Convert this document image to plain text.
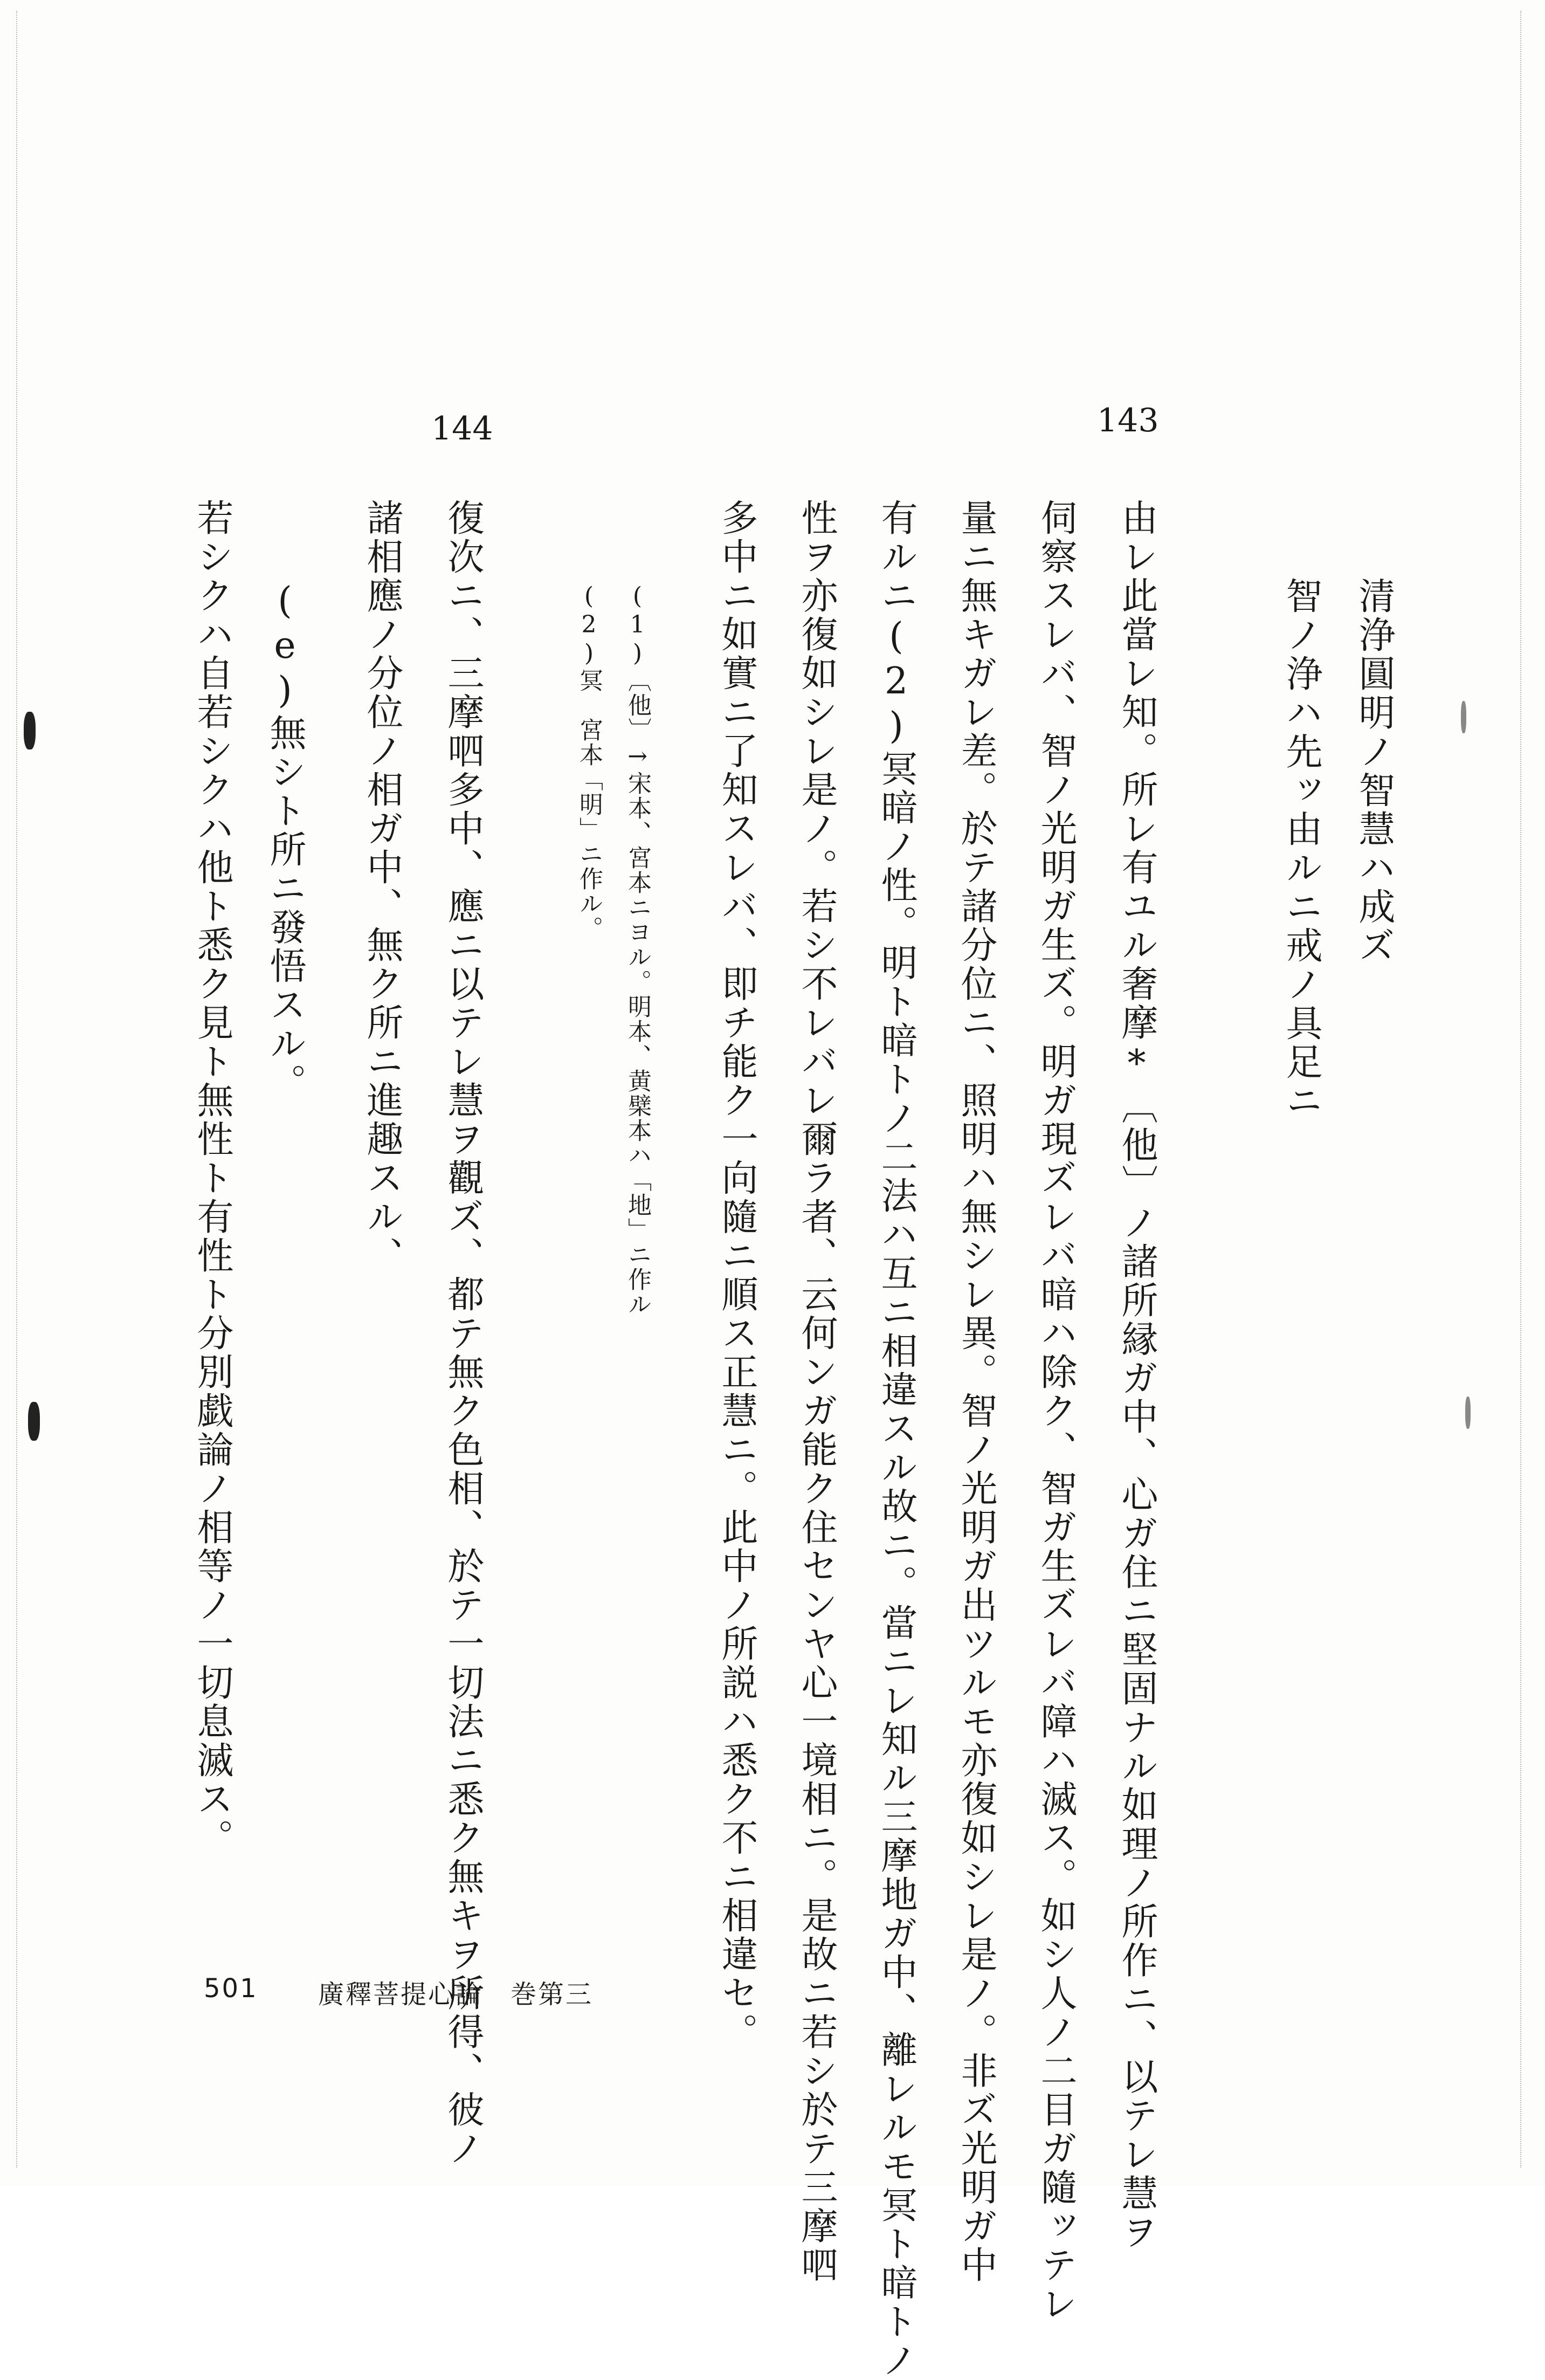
143
144
清浄圓明ノ智慧ハ成ズ
智ノ浄ハ先ッ由ルニ戒ノ具足ニ
由レ此當レ知。所レ有ユル奢摩*〔他〕ノ諸所縁ガ中、心ガ住ニ堅固ナル如理ノ所作ニ、以テレ慧ヲ
伺察スレバ、智ノ光明ガ生ズ。明ガ現ズレバ暗ハ除ク、智ガ生ズレバ障ハ滅ス。如シ人ノ二目ガ隨ッテレ
量ニ無キガレ差。於テ諸分位ニ、照明ハ無シレ異。智ノ光明ガ出ツルモ亦復如シレ是ノ。非ズ光明ガ中
有ルニ(2)冥暗ノ性。明ト暗トノ二法ハ互ニ相違スル故ニ。當ニレ知ル三摩地ガ中、離レルモ冥ト暗トノ
性ヲ亦復如シレ是ノ。若シ不レバレ爾ラ者、云何ンガ能ク住センヤ心一境相ニ。是故ニ若シ於テ三摩呬
多中ニ如實ニ了知スレバ、即チ能ク一向隨ニ順ス正慧ニ。此中ノ所説ハ悉ク不ニ相違セ。
(1)〔他〕→宋本、宮本ニヨル。明本、黄檗本ハ「地」ニ作ル
(2)冥　宮本「明」ニ作ル。
復次ニ、三摩呬多中、應ニ以テレ慧ヲ觀ズ、都テ無ク色相、於テ一切法ニ悉ク無キヲ所得、彼ノ
諸相應ノ分位ノ相ガ中、無ク所ニ進趣スル、
(e)無シト所ニ發悟スル。
若シクハ自若シクハ他ト悉ク見ト無性ト有性ト分別戯論ノ相等ノ一切息滅ス。
501 廣釋菩提心論　巻第三
